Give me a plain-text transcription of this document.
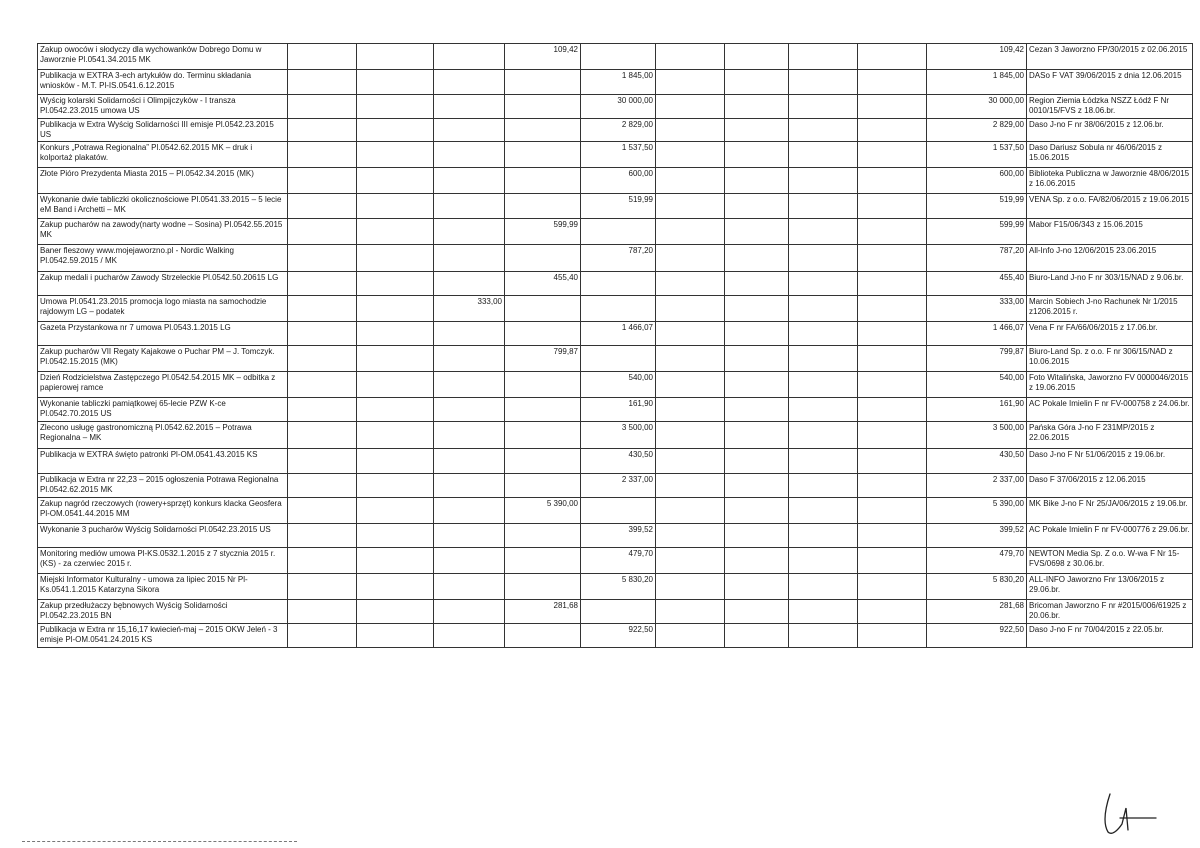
Zakup owoców i słodyczy dla wychowanków Dobrego Domu w Jaworznie Pl.0541.34.2015 MK				109,42						109,42	Cezan 3 Jaworzno FP/30/2015 z 02.06.2015
Publikacja w EXTRA 3-ech artykułów do. Terminu składania wniosków - M.T. Pl-IS.0541.6.12.2015					1 845,00					1 845,00	DASo F VAT 39/06/2015 z dnia 12.06.2015
Wyścig kolarski Solidarności i Olimpijczyków - I transza Pl.0542.23.2015 umowa US					30 000,00					30 000,00	Region Ziemia Łódzka NSZZ Łódź F Nr 0010/15/FVS z 18.06.br.
Publikacja w Extra Wyścig Solidarności III emisje Pl.0542.23.2015 US					2 829,00					2 829,00	Daso J-no F nr 38/06/2015 z 12.06.br.
Konkurs „Potrawa Regionalna” Pl.0542.62.2015 MK – druk i kolportaż plakatów.					1 537,50					1 537,50	Daso Dariusz Sobula nr 46/06/2015 z 15.06.2015
Złote Pióro Prezydenta Miasta 2015 – Pl.0542.34.2015 (MK)					600,00					600,00	Biblioteka Publiczna w Jaworznie 48/06/2015 z 16.06.2015
Wykonanie dwie tabliczki okolicznościowe Pl.0541.33.2015 – 5 lecie eM Band i Archetti – MK					519,99					519,99	VENA Sp. z o.o. FA/82/06/2015 z 19.06.2015
Zakup pucharów na zawody(narty wodne – Sosina) Pl.0542.55.2015 MK				599,99						599,99	Mabor F15/06/343 z 15.06.2015
Baner fleszowy www.mojejaworzno.pl - Nordic Walking Pl.0542.59.2015 / MK					787,20					787,20	All-Info J-no 12/06/2015 23.06.2015
Zakup medali i pucharów Zawody Strzeleckie Pl.0542.50.20615 LG				455,40						455,40	Biuro-Land J-no F nr 303/15/NAD z 9.06.br.
Umowa Pl.0541.23.2015 promocja logo miasta na samochodzie rajdowym LG – podatek			333,00							333,00	Marcin Sobiech J-no Rachunek Nr 1/2015 z1206.2015 r.
Gazeta Przystankowa nr 7 umowa Pl.0543.1.2015 LG					1 466,07					1 466,07	Vena F nr FA/66/06/2015 z 17.06.br.
Zakup pucharów VII Regaty Kajakowe o Puchar PM – J. Tomczyk. Pl.0542.15.2015 (MK)				799,87						799,87	Biuro-Land Sp. z o.o. F nr 306/15/NAD z 10.06.2015
Dzień Rodzicielstwa Zastępczego Pl.0542.54.2015 MK – odbitka z papierowej ramce					540,00					540,00	Foto Witalińska, Jaworzno FV 0000046/2015 z 19.06.2015
Wykonanie tabliczki pamiątkowej 65-lecie PZW K-ce Pl.0542.70.2015 US					161,90					161,90	AC Pokale Imielin F nr FV-000758 z 24.06.br.
Zlecono usługę gastronomiczną Pl.0542.62.2015 – Potrawa Regionalna – MK					3 500,00					3 500,00	Pańska Góra J-no F 231MP/2015 z 22.06.2015
Publikacja w EXTRA święto patronki Pl-OM.0541.43.2015 KS					430,50					430,50	Daso J-no F Nr 51/06/2015 z 19.06.br.
Publikacja w Extra nr 22,23 – 2015 ogłoszenia Potrawa Regionalna Pl.0542.62.2015 MK					2 337,00					2 337,00	Daso F 37/06/2015 z 12.06.2015
Zakup nagród rzeczowych (rowery+sprzęt) konkurs klacka Geosfera Pl-OM.0541.44.2015 MM				5 390,00						5 390,00	MK Bike J-no F Nr 25/JA/06/2015 z 19.06.br.
Wykonanie 3 pucharów Wyścig Solidarności Pl.0542.23.2015 US					399,52					399,52	AC Pokale Imielin F nr FV-000776 z 29.06.br.
Monitoring mediów umowa Pl-KS.0532.1.2015 z 7 stycznia 2015 r. (KS) - za czerwiec 2015 r.					479,70					479,70	NEWTON Media Sp. Z o.o. W-wa F Nr 15-FVS/0698 z 30.06.br.
Miejski Informator Kulturalny - umowa za lipiec 2015 Nr Pl-Ks.0541.1.2015 Katarzyna Sikora					5 830,20					5 830,20	ALL-INFO Jaworzno Fnr 13/06/2015 z 29.06.br.
Zakup przedłużaczy bębnowych Wyścig Solidarności Pl.0542.23.2015 BN				281,68						281,68	Bricoman Jaworzno F nr #2015/006/61925 z 20.06.br.
Publikacja w Extra nr 15,16,17 kwiecień-maj – 2015 OKW Jeleń - 3 emisje Pl-OM.0541.24.2015 KS					922,50					922,50	Daso J-no F nr 70/04/2015 z 22.05.br.
